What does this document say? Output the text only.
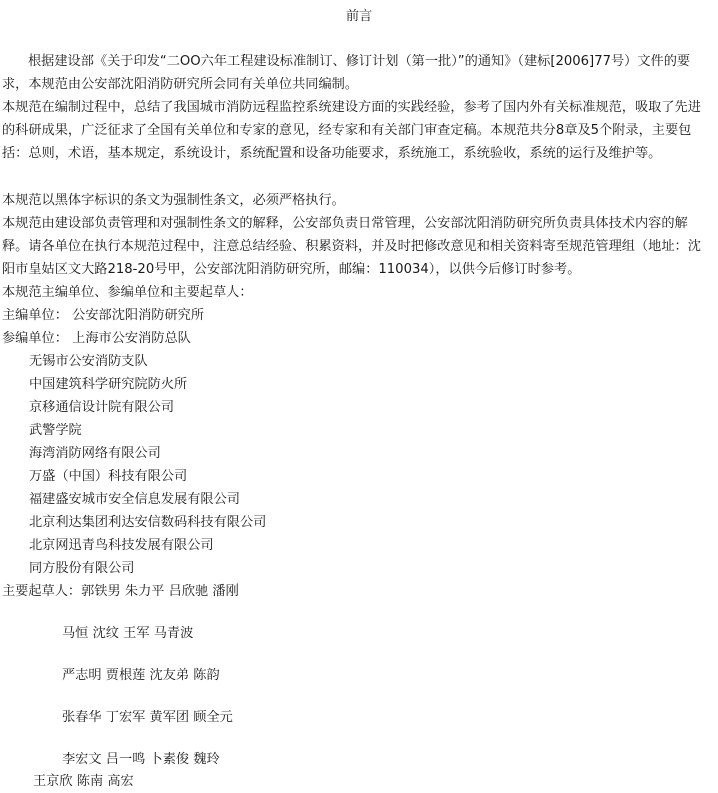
前言
根据建设部《关于印发“二OO六年工程建设标准制订、修订计划（第一批）”的通知》（建标[2006]77号）文件的要求，本规范由公安部沈阳消防研究所会同有关单位共同编制。
本规范在编制过程中，总结了我国城市消防远程监控系统建设方面的实践经验，参考了国内外有关标准规范，吸取了先进的科研成果，广泛征求了全国有关单位和专家的意见，经专家和有关部门审查定稿。本规范共分8章及5个附录，主要包括：总则，术语，基本规定，系统设计，系统配置和设备功能要求，系统施工，系统验收，系统的运行及维护等。
本规范以黑体字标识的条文为强制性条文，必须严格执行。
本规范由建设部负责管理和对强制性条文的解释，公安部负责日常管理，公安部沈阳消防研究所负责具体技术内容的解释。请各单位在执行本规范过程中，注意总结经验、积累资料，并及时把修改意见和相关资料寄至规范管理组（地址：沈阳市皇姑区文大路218-20号甲，公安部沈阳消防研究所，邮编：110034），以供今后修订时参考。
本规范主编单位、参编单位和主要起草人：
主编单位： 公安部沈阳消防研究所
参编单位： 上海市公安消防总队
无锡市公安消防支队
中国建筑科学研究院防火所
京移通信设计院有限公司
武警学院
海湾消防网络有限公司
万盛（中国）科技有限公司
福建盛安城市安全信息发展有限公司
北京利达集团利达安信数码科技有限公司
北京网迅青鸟科技发展有限公司
同方股份有限公司
主要起草人：郭铁男 朱力平 吕欣驰 潘刚
马恒 沈纹 王军 马青波
严志明 贾根莲 沈友弟 陈韵
张春华 丁宏军 黄军团 顾全元
李宏文 吕一鸣 卜素俊 魏玲
王京欣 陈南 高宏
